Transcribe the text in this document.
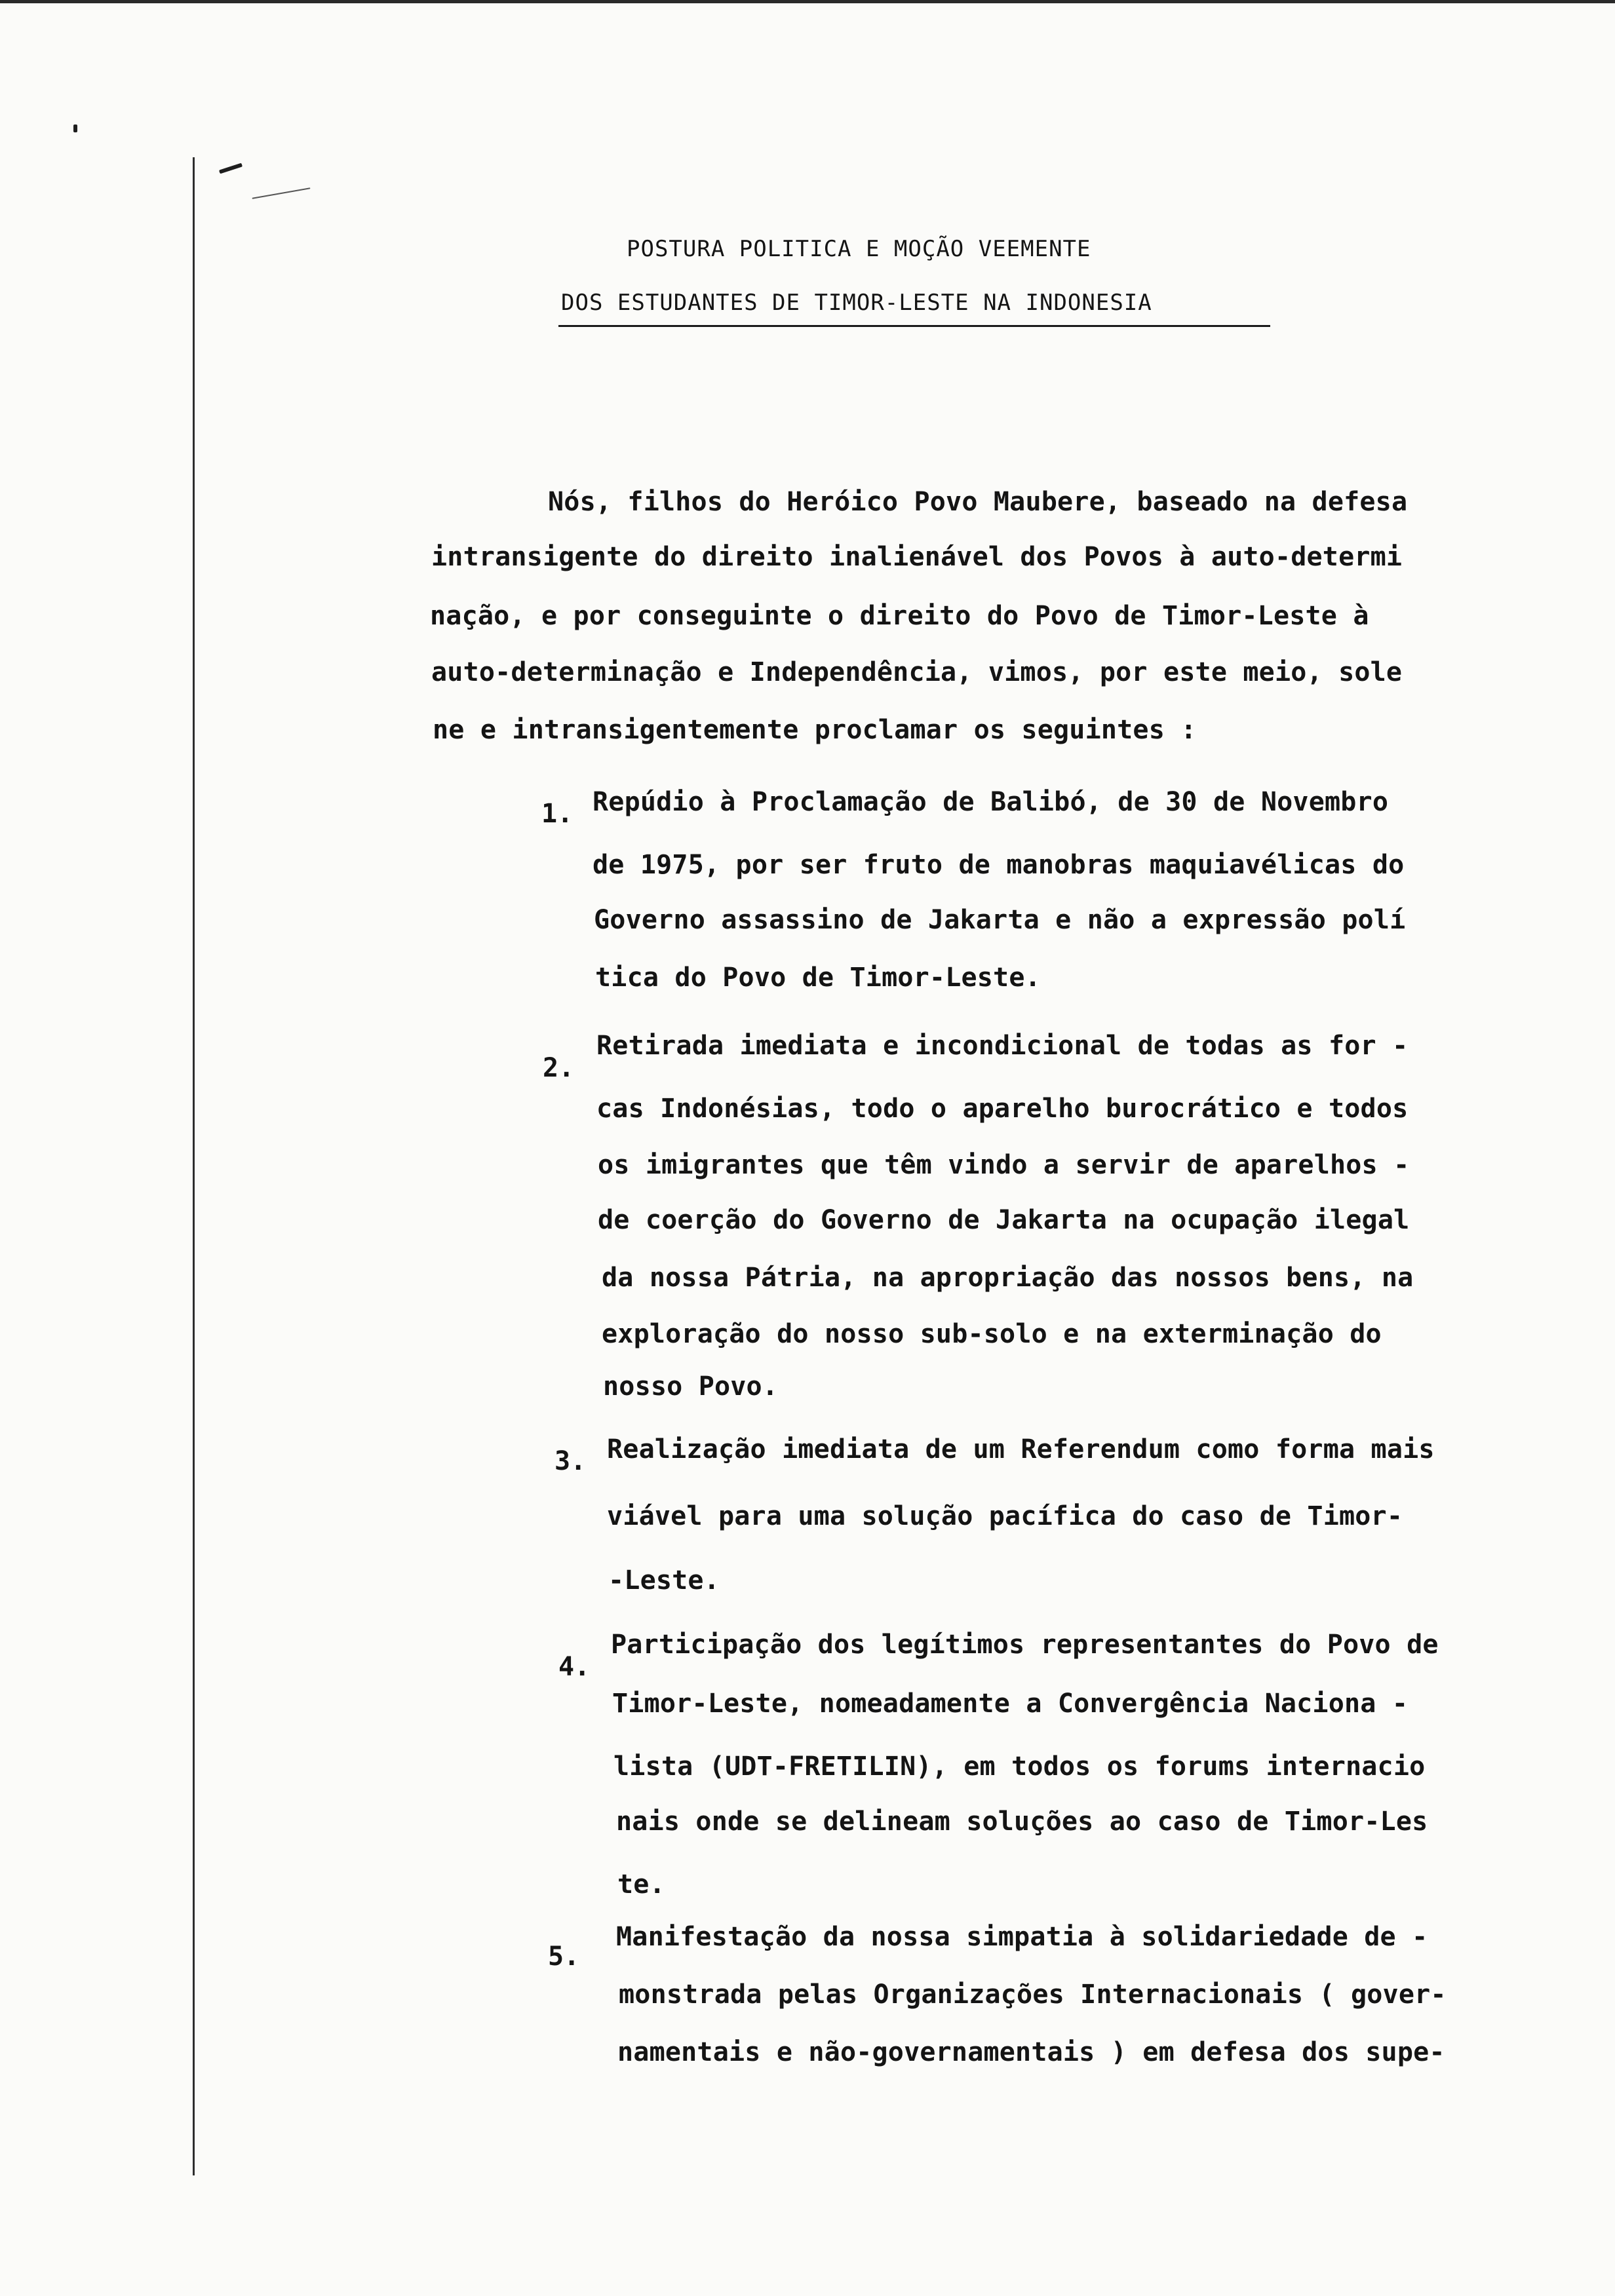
POSTURA POLITICA E MOÇÃO VEEMENTE
DOS ESTUDANTES DE TIMOR-LESTE NA INDONESIA
Nós, filhos do Heróico Povo Maubere, baseado na defesa
intransigente do direito inalienável dos Povos à auto-determi
nação, e por conseguinte o direito do Povo de Timor-Leste à
auto-determinação e Independência, vimos, por este meio, sole
ne e intransigentemente proclamar os seguintes :
1. Repúdio à Proclamação de Balibó, de 30 de Novembro
de 1975, por ser fruto de manobras maquiavélicas do
Governo assassino de Jakarta e não a expressão polí
tica do Povo de Timor-Leste.
2.
Retirada imediata e incondicional de todas as for -
cas Indonésias, todo o aparelho burocrático e todos
os imigrantes que têm vindo a servir de aparelhos -
de coerção do Governo de Jakarta na ocupação ilegal
da nossa Pátria, na apropriação das nossos bens, na
exploração do nosso sub-solo e na exterminação do
nosso Povo.
3. Realização imediata de um Referendum como forma mais
viável para uma solução pacífica do caso de Timor-
-Leste.
4.
Participação dos legítimos representantes do Povo de
Timor-Leste, nomeadamente a Convergência Naciona -
lista (UDT-FRETILIN), em todos os forums internacio
nais onde se delineam soluções ao caso de Timor-Les
te.
5.
Manifestação da nossa simpatia à solidariedade de -
monstrada pelas Organizações Internacionais ( gover-
namentais e não-governamentais ) em defesa dos supe-
